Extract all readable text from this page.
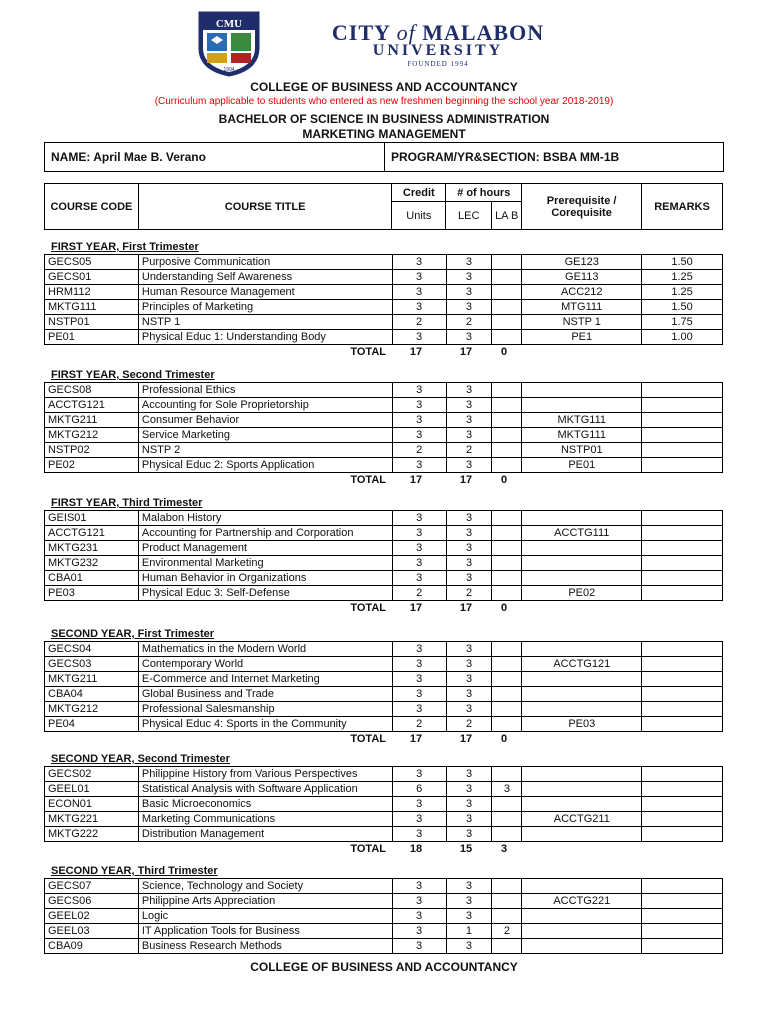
CMU
1994
CITY of MALABON
UNIVERSITY
FOUNDED 1994
COLLEGE OF BUSINESS AND ACCOUNTANCY
(Curriculum applicable to students who entered as new freshmen beginning the school year 2018-2019)
BACHELOR OF SCIENCE IN BUSINESS ADMINISTRATION
MARKETING MANAGEMENT
NAME: April Mae B. Verano	PROGRAM/YR&SECTION: BSBA MM-1B
COURSE CODE	COURSE TITLE	Credit	# of hours		Prerequisite / Corequisite	REMARKS
		Units	LEC	LA B		
FIRST YEAR, First Trimester
GECS05	Purposive Communication	3	3		GE123	1.50
GECS01	Understanding Self Awareness	3	3		GE113	1.25
HRM112	Human Resource Management	3	3		ACC212	1.25
MKTG111	Principles of Marketing	3	3		MTG111	1.50
NSTP01	NSTP 1	2	2		NSTP 1	1.75
PE01	Physical Educ 1: Understanding Body	3	3		PE1	1.00
TOTAL	17	17	0
FIRST YEAR, Second Trimester
GECS08	Professional Ethics	3	3			
ACCTG121	Accounting for Sole Proprietorship	3	3			
MKTG211	Consumer Behavior	3	3		MKTG111	
MKTG212	Service Marketing	3	3		MKTG111	
NSTP02	NSTP 2	2	2		NSTP01	
PE02	Physical Educ 2: Sports Application	3	3		PE01	
TOTAL	17	17	0
FIRST YEAR, Third Trimester
GEIS01	Malabon History	3	3			
ACCTG121	Accounting for Partnership and Corporation	3	3		ACCTG111	
MKTG231	Product Management	3	3			
MKTG232	Environmental Marketing	3	3			
CBA01	Human Behavior in Organizations	3	3			
PE03	Physical Educ 3: Self-Defense	2	2		PE02	
TOTAL	17	17	0
SECOND YEAR, First Trimester
GECS04	Mathematics in the Modern World	3	3			
GECS03	Contemporary World	3	3		ACCTG121	
MKTG211	E-Commerce and Internet Marketing	3	3			
CBA04	Global Business and Trade	3	3			
MKTG212	Professional Salesmanship	3	3			
PE04	Physical Educ 4: Sports in the Community	2	2		PE03	
TOTAL	17	17	0
SECOND YEAR, Second Trimester
GECS02	Philippine History from Various Perspectives	3	3			
GEEL01	Statistical Analysis with Software Application	6	3	3		
ECON01	Basic Microeconomics	3	3			
MKTG221	Marketing Communications	3	3		ACCTG211	
MKTG222	Distribution Management	3	3			
TOTAL	18	15	3
SECOND YEAR, Third Trimester
GECS07	Science, Technology and Society	3	3			
GECS06	Philippine Arts Appreciation	3	3		ACCTG221	
GEEL02	Logic	3	3			
GEEL03	IT Application Tools for Business	3	1	2		
CBA09	Business Research Methods	3	3			
COLLEGE OF BUSINESS AND ACCOUNTANCY
